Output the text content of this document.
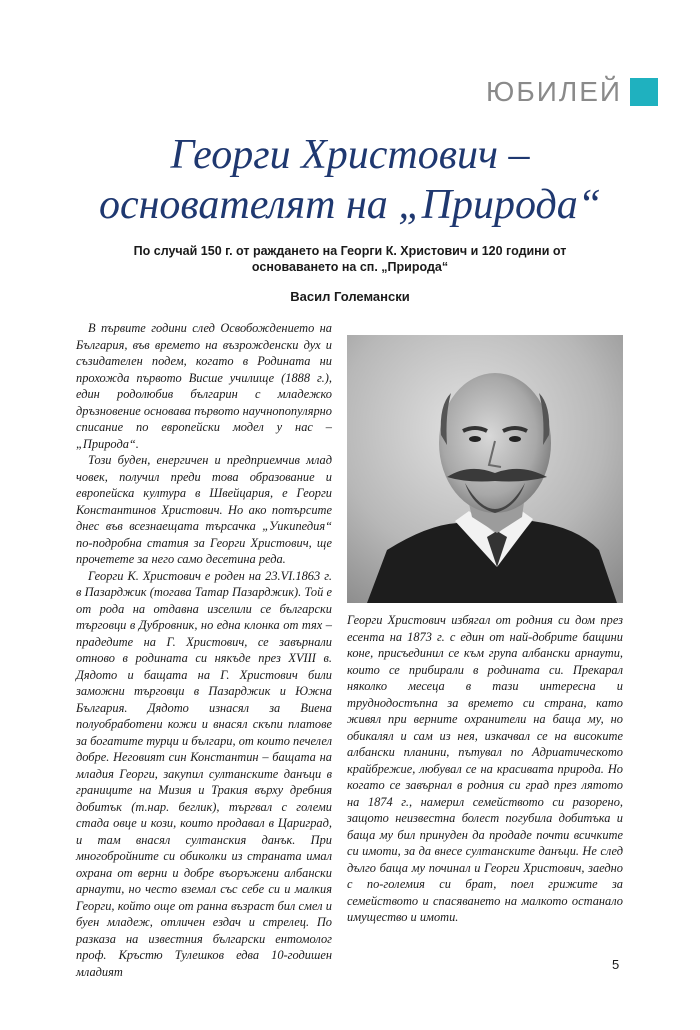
ЮБИЛЕЙ
Георги Христович –
основателят на „Природа“

По случай 150 г. от раждането на Георги К. Христович и 120 години от
основаването на сп. „Природа“

Васил Големански

В първите години след Освобождението на България, във времето на възрожденски дух и съзидателен подем, когато в Родината ни прохожда първото Висше училище (1888 г.), един родолюбив българин с младежко дръзновение основава първото научнопопулярно списание по европейски модел у нас – „Природа“.

Този буден, енергичен и предприемчив млад човек, получил преди това образование и европейска култура в Швейцария, е Георги Константинов Христович. Но ако потърсите днес във всезнаещата търсачка „Уикипедия“ по-подробна статия за Георги Христович, ще прочетете за него само десетина реда.

Георги К. Христович е роден на 23.VI.1863 г. в Пазарджик (тогава Татар Пазарджик). Той е от рода на отдавна изселили се български търговци в Дубровник, но една клонка от тях – прадедите на Г. Христович, се завърнали отново в родината си някъде през XVIII в. Дядото и бащата на Г. Христович били заможни търговци в Пазарджик и Южна България. Дядото изнасял за Виена полуобработени кожи и внасял скъпи платове за богатите турци и българи, от които печелел добре. Неговият син Константин – бащата на младия Георги, закупил султанските данъци в границите на Мизия и Тракия върху дребния добитък (т.нар. беглик), търгвал с големи стада овце и кози, които продавал в Цариград, и там внасял султанския данък. При многобройните си обиколки из страната имал охрана от верни и добре въоръжени албански арнаути, но често вземал със себе си и малкия Георги, който още от ранна възраст бил смел и буен младеж, отличен ездач и стрелец. По разказа на известния български ентомолог проф. Кръстю Тулешков едва 10-годишен младият

Георги Христович избягал от родния си дом през есента на 1873 г. с един от най-добрите бащини коне, присъединил се към група албански арнаути, които се прибирали в родината си. Прекарал няколко месеца в тази интересна и труднодостъпна за времето си страна, като живял при верните охранители на баща му, но обикалял и сам из нея, изкачвал се на високите албански планини, пътувал по Адриатическото крайбрежие, любувал се на красивата природа. Но когато се завърнал в родния си град през лятото на 1874 г., намерил семейството си разорено, защото неизвестна болест погубила добитъка и баща му бил принуден да продаде почти всичките си имоти, за да внесе султанските данъци. Не след дълго баща му починал и Георги Христович, заедно с по-големия си брат, поел грижите за семейството и спасяването на малкото останало имущество и имоти.

5
